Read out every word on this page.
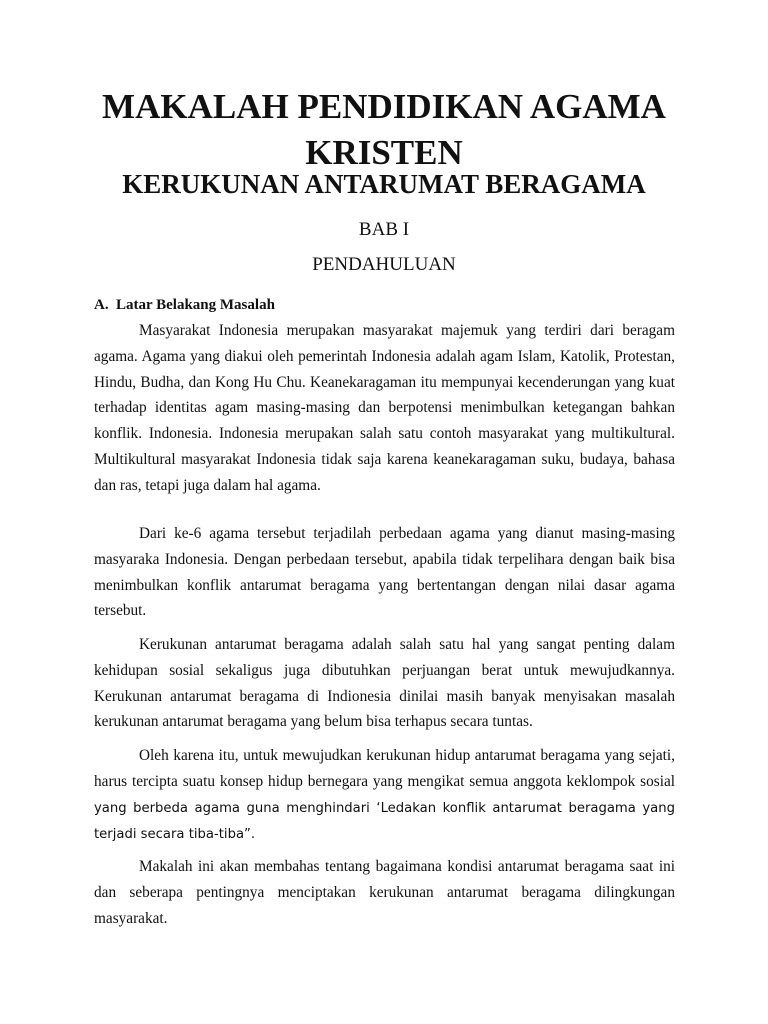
MAKALAH PENDIDIKAN AGAMA KRISTEN
KERUKUNAN ANTARUMAT BERAGAMA
BAB I
PENDAHULUAN
A. Latar Belakang Masalah

Masyarakat Indonesia merupakan masyarakat majemuk yang terdiri dari beragam agama. Agama yang diakui oleh pemerintah Indonesia adalah agam Islam, Katolik, Protestan, Hindu, Budha, dan Kong Hu Chu. Keanekaragaman itu mempunyai kecenderungan yang kuat terhadap identitas agam masing-masing dan berpotensi menimbulkan ketegangan bahkan konflik. Indonesia. Indonesia merupakan salah satu contoh masyarakat yang multikultural. Multikultural masyarakat Indonesia tidak saja karena keanekaragaman suku, budaya, bahasa dan ras, tetapi juga dalam hal agama.

Dari ke-6 agama tersebut terjadilah perbedaan agama yang dianut masing-masing masyaraka Indonesia. Dengan perbedaan tersebut, apabila tidak terpelihara dengan baik bisa menimbulkan konflik antarumat beragama yang bertentangan dengan nilai dasar agama tersebut.

Kerukunan antarumat beragama adalah salah satu hal yang sangat penting dalam kehidupan sosial sekaligus juga dibutuhkan perjuangan berat untuk mewujudkannya. Kerukunan antarumat beragama di Indionesia dinilai masih banyak menyisakan masalah kerukunan antarumat beragama yang belum bisa terhapus secara tuntas.

Oleh karena itu, untuk mewujudkan kerukunan hidup antarumat beragama yang sejati, harus tercipta suatu konsep hidup bernegara yang mengikat semua anggota keklompok sosial yang berbeda agama guna menghindari ‘Ledakan konflik antarumat beragama yang terjadi secara tiba-tiba”.

Makalah ini akan membahas tentang bagaimana kondisi antarumat beragama saat ini dan seberapa pentingnya menciptakan kerukunan antarumat beragama dilingkungan masyarakat.
